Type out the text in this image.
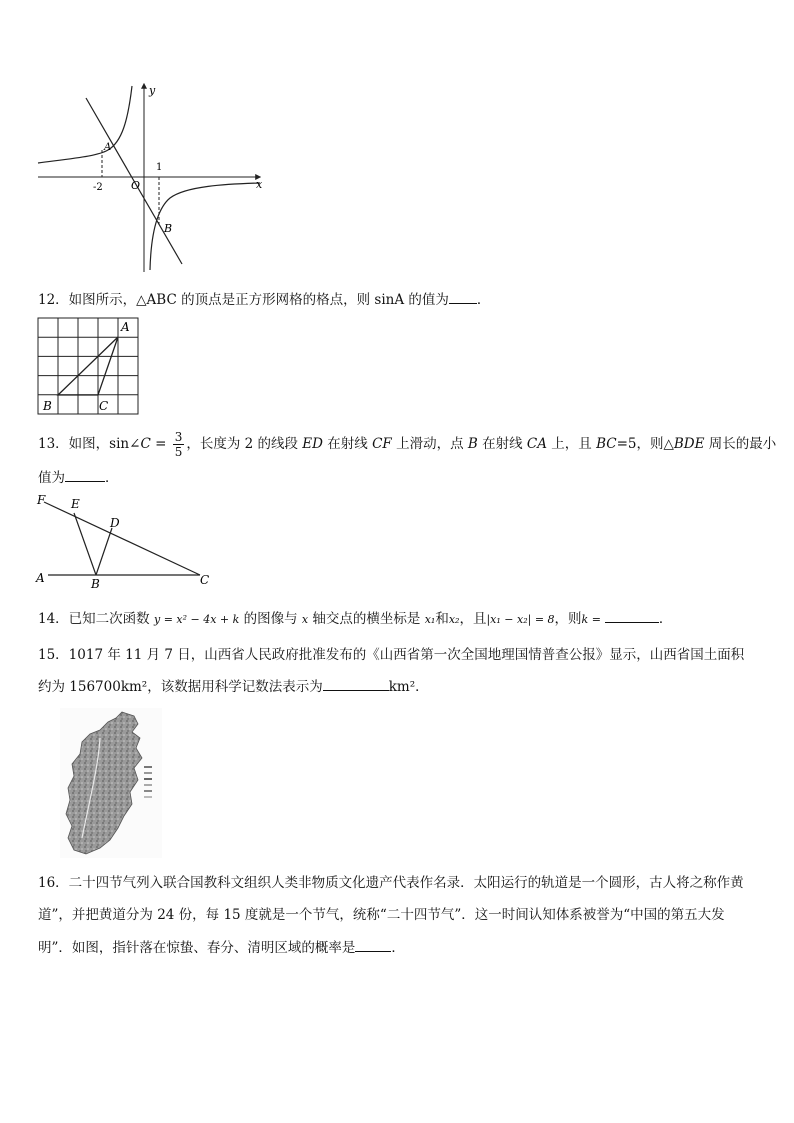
y
x
A
B
O
-2
1
12．如图所示，△ABC 的顶点是正方形网格的格点，则 sinA 的值为 ．
A
B	C
13．如图，sin∠C = $\frac{3}{5}$ ，长度为 2 的线段 ED 在射线 CF 上滑动，点 B 在射线 CA 上，且 BC=5，则△BDE 周长的最小
值为	．
F E
D
A	B	C
14．已知二次函数 y = x² − 4x + k 的图像与 x 轴交点的横坐标是 x₁和x₂，且|x₁ − x₂| = 8，则k =	．
15．1017 年 11 月 7 日，山西省人民政府批准发布的《山西省第一次全国地理国情普查公报》显示，山西省国土面积
约为 156700km²，该数据用科学记数法表示为	km²．
16．二十四节气列入联合国教科文组织人类非物质文化遗产代表作名录．太阳运行的轨道是一个圆形，古人将之称作黄
道”，并把黄道分为 24 份，每 15 度就是一个节气，统称“二十四节气”．这一时间认知体系被誉为“中国的第五大发
明”．如图，指针落在惊蛰、春分、清明区域的概率是	．
